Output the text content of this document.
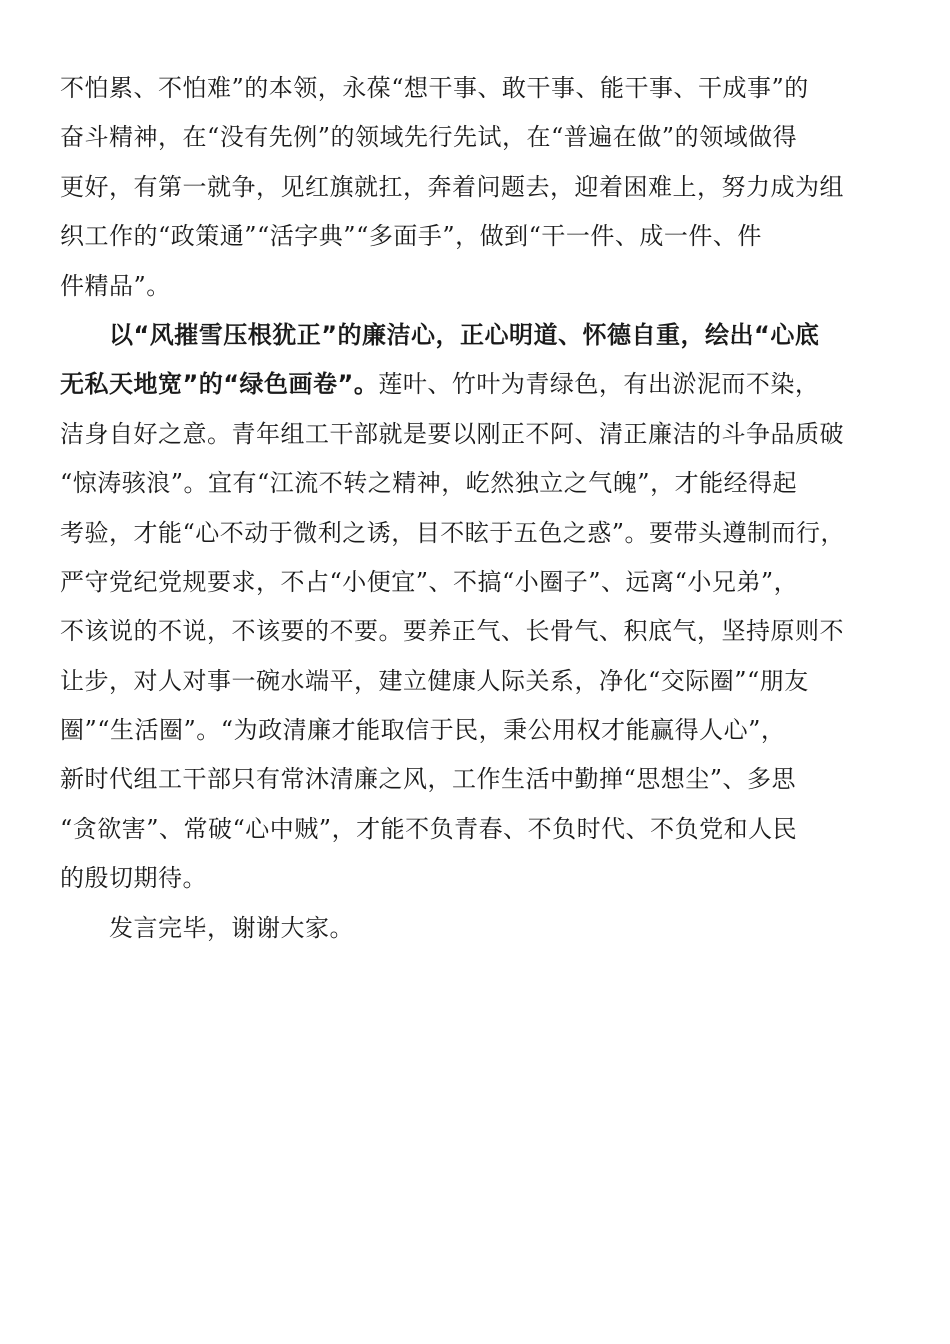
不怕累、不怕难”的本领，永葆“想干事、敢干事、能干事、干成事”的
奋斗精神，在“没有先例”的领域先行先试，在“普遍在做”的领域做得
更好，有第一就争，见红旗就扛，奔着问题去，迎着困难上，努力成为组
织工作的“政策通”“活字典”“多面手”，做到“干一件、成一件、件
件精品”。
以“风摧雪压根犹正”的廉洁心，正心明道、怀德自重，绘出“心底
无私天地宽”的“绿色画卷”。莲叶、竹叶为青绿色，有出淤泥而不染，
洁身自好之意。青年组工干部就是要以刚正不阿、清正廉洁的斗争品质破
“惊涛骇浪”。宜有“江流不转之精神，屹然独立之气魄”，才能经得起
考验，才能“心不动于微利之诱，目不眩于五色之惑”。要带头遵制而行，
严守党纪党规要求，不占“小便宜”、不搞“小圈子”、远离“小兄弟”，
不该说的不说，不该要的不要。要养正气、长骨气、积底气，坚持原则不
让步，对人对事一碗水端平，建立健康人际关系，净化“交际圈”“朋友
圈”“生活圈”。“为政清廉才能取信于民，秉公用权才能赢得人心”，
新时代组工干部只有常沐清廉之风，工作生活中勤掸“思想尘”、多思
“贪欲害”、常破“心中贼”，才能不负青春、不负时代、不负党和人民
的殷切期待。
发言完毕，谢谢大家。
